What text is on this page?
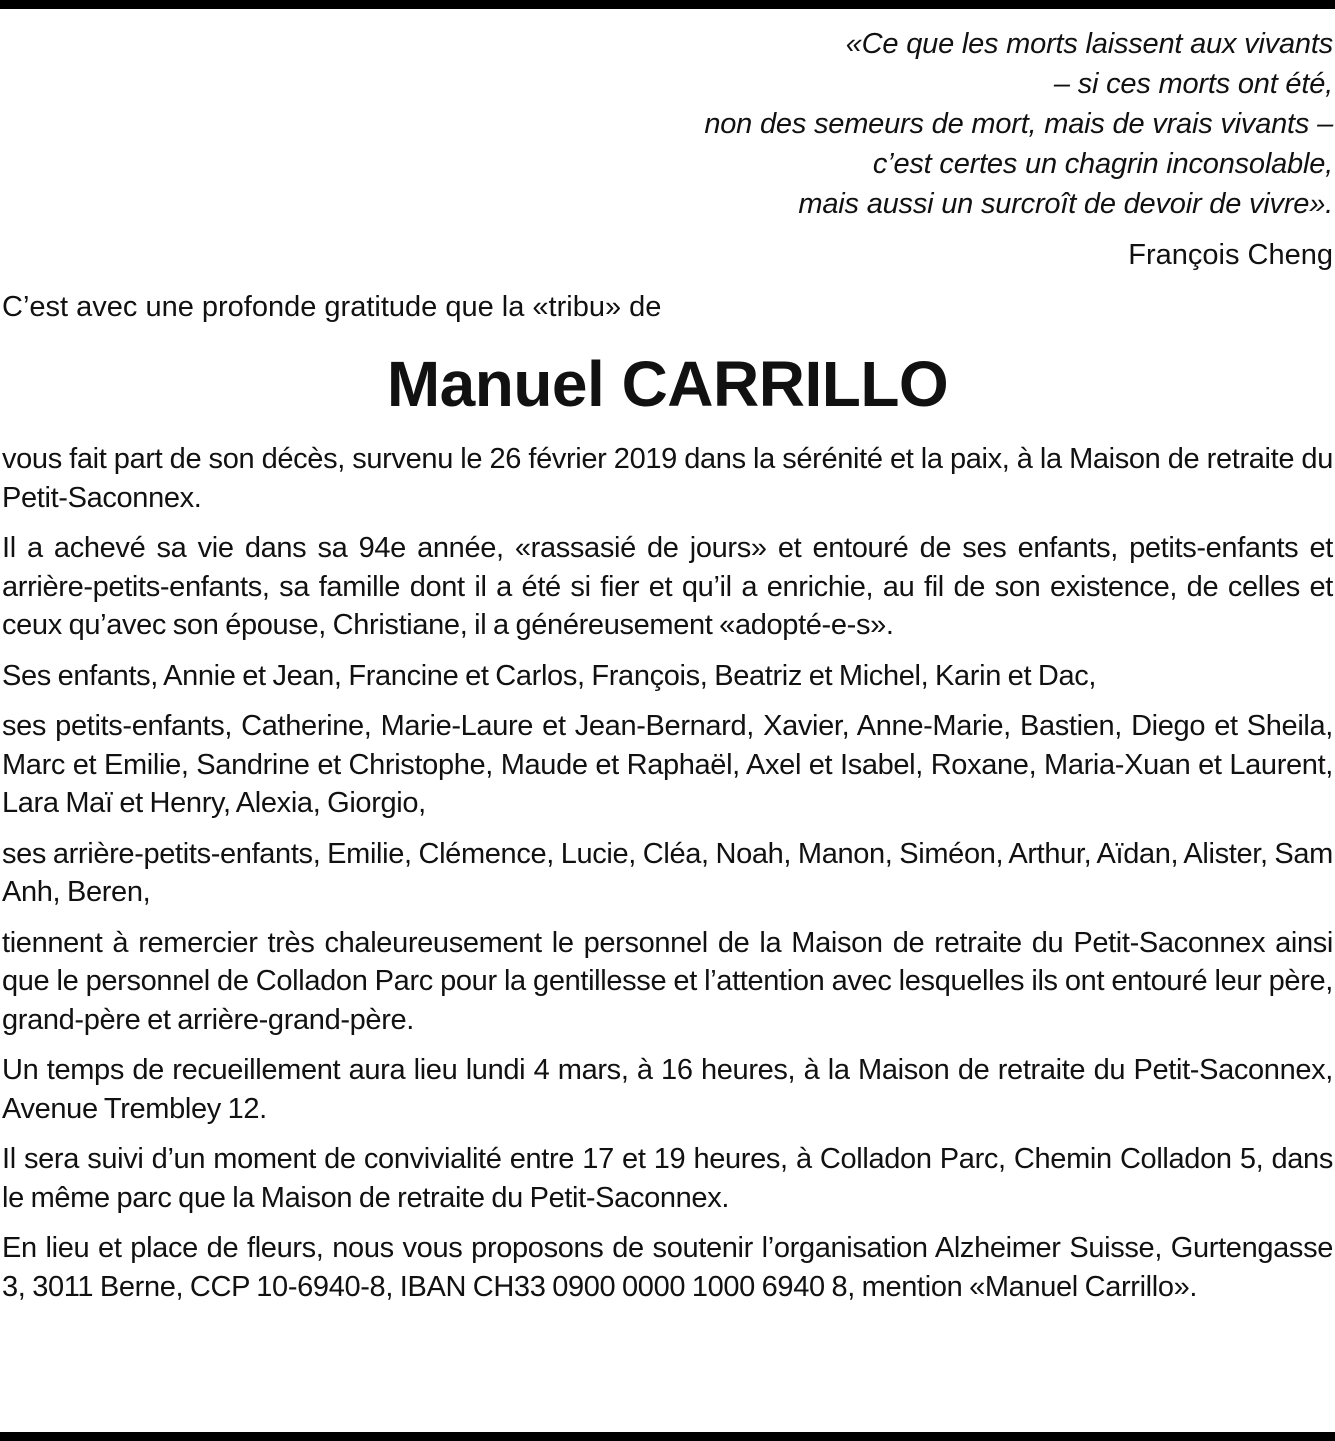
«Ce que les morts laissent aux vivants
– si ces morts ont été,
non des semeurs de mort, mais de vrais vivants –
c’est certes un chagrin inconsolable,
mais aussi un surcroît de devoir de vivre».
François Cheng
C’est avec une profonde gratitude que la «tribu» de
Manuel CARRILLO

vous fait part de son décès, survenu le 26 février 2019 dans la sérénité et la paix, à la Maison de retraite du Petit-Saconnex.

Il a achevé sa vie dans sa 94e année, «rassasié de jours» et entouré de ses enfants, petits-enfants et arrière-petits-enfants, sa famille dont il a été si fier et qu’il a enrichie, au fil de son existence, de celles et ceux qu’avec son épouse, Christiane, il a généreusement «adopté-e-s».

Ses enfants, Annie et Jean, Francine et Carlos, François, Beatriz et Michel, Karin et Dac,

ses petits-enfants, Catherine, Marie-Laure et Jean-Bernard, Xavier, Anne-Marie, Bastien, Diego et Sheila, Marc et Emilie, Sandrine et Christophe, Maude et Raphaël, Axel et Isabel, Roxane, Maria-Xuan et Laurent, Lara Maï et Henry, Alexia, Giorgio,

ses arrière-petits-enfants, Emilie, Clémence, Lucie, Cléa, Noah, Manon, Siméon, Arthur, Aïdan, Alister, Sam Anh, Beren,

tiennent à remercier très chaleureusement le personnel de la Maison de retraite du Petit-Saconnex ainsi que le personnel de Colladon Parc pour la gentillesse et l’attention avec lesquelles ils ont entouré leur père, grand-père et arrière-grand-père.

Un temps de recueillement aura lieu lundi 4 mars, à 16 heures, à la Maison de retraite du Petit-Saconnex, Avenue Trembley 12.

Il sera suivi d’un moment de convivialité entre 17 et 19 heures, à Colladon Parc, Chemin Colladon 5, dans le même parc que la Maison de retraite du Petit-Saconnex.

En lieu et place de fleurs, nous vous proposons de soutenir l’organisation Alzheimer Suisse, Gurtengasse 3, 3011 Berne, CCP 10-6940-8, IBAN CH33 0900 0000 1000 6940 8, mention «Manuel Carrillo».
